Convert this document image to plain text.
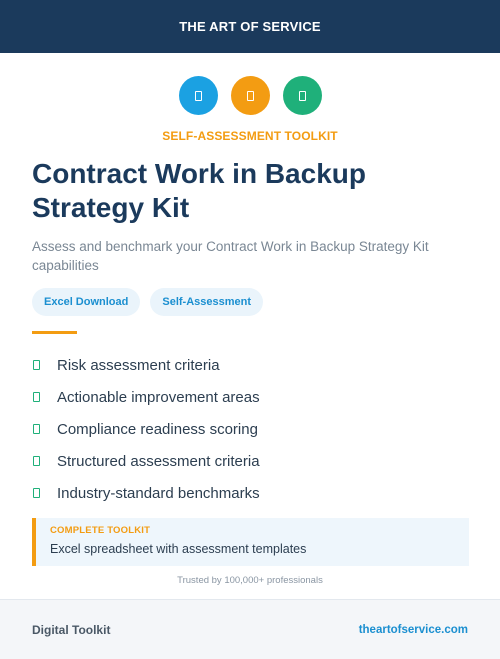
THE ART OF SERVICE
SELF-ASSESSMENT TOOLKIT
Contract Work in Backup Strategy Kit

Assess and benchmark your Contract Work in Backup Strategy Kit capabilities

Excel Download	Self-Assessment
Risk assessment criteria
Actionable improvement areas
Compliance readiness scoring
Structured assessment criteria
Industry-standard benchmarks
COMPLETE TOOLKIT
Excel spreadsheet with assessment templates
Trusted by 100,000+ professionals
Digital Toolkit	theartofservice.com
